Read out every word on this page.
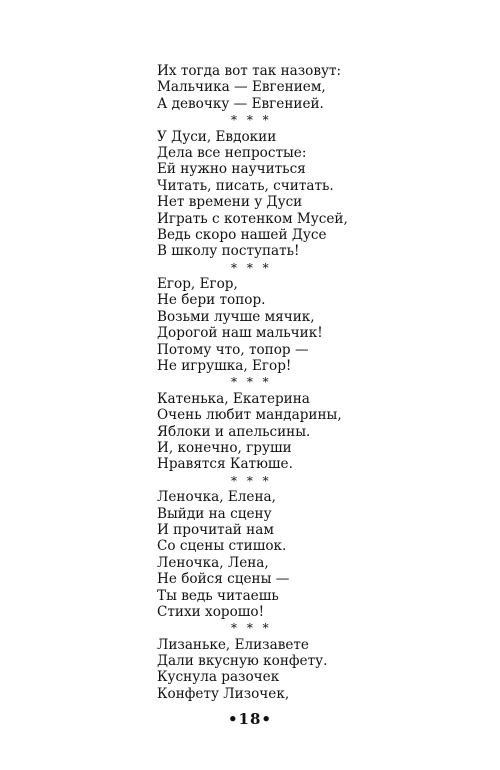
Их тогда вот так назовут:
Мальчика — Евгением,
А девочку — Евгенией.
* * *
У Дуси, Евдокии
Дела все непростые:
Ей нужно научиться
Читать, писать, считать.
Нет времени у Дуси
Играть с котенком Мусей,
Ведь скоро нашей Дусе
В школу поступать!
* * *
Егор, Егор,
Не бери топор.
Возьми лучше мячик,
Дорогой наш мальчик!
Потому что, топор —
Не игрушка, Егор!
* * *
Катенька, Екатерина
Очень любит мандарины,
Яблоки и апельсины.
И, конечно, груши
Нравятся Катюше.
* * *
Леночка, Елена,
Выйди на сцену
И прочитай нам
Со сцены стишок.
Леночка, Лена,
Не бойся сцены —
Ты ведь читаешь
Стихи хорошо!
* * *
Лизаньке, Елизавете
Дали вкусную конфету.
Куснула разочек
Конфету Лизочек,
•18•
